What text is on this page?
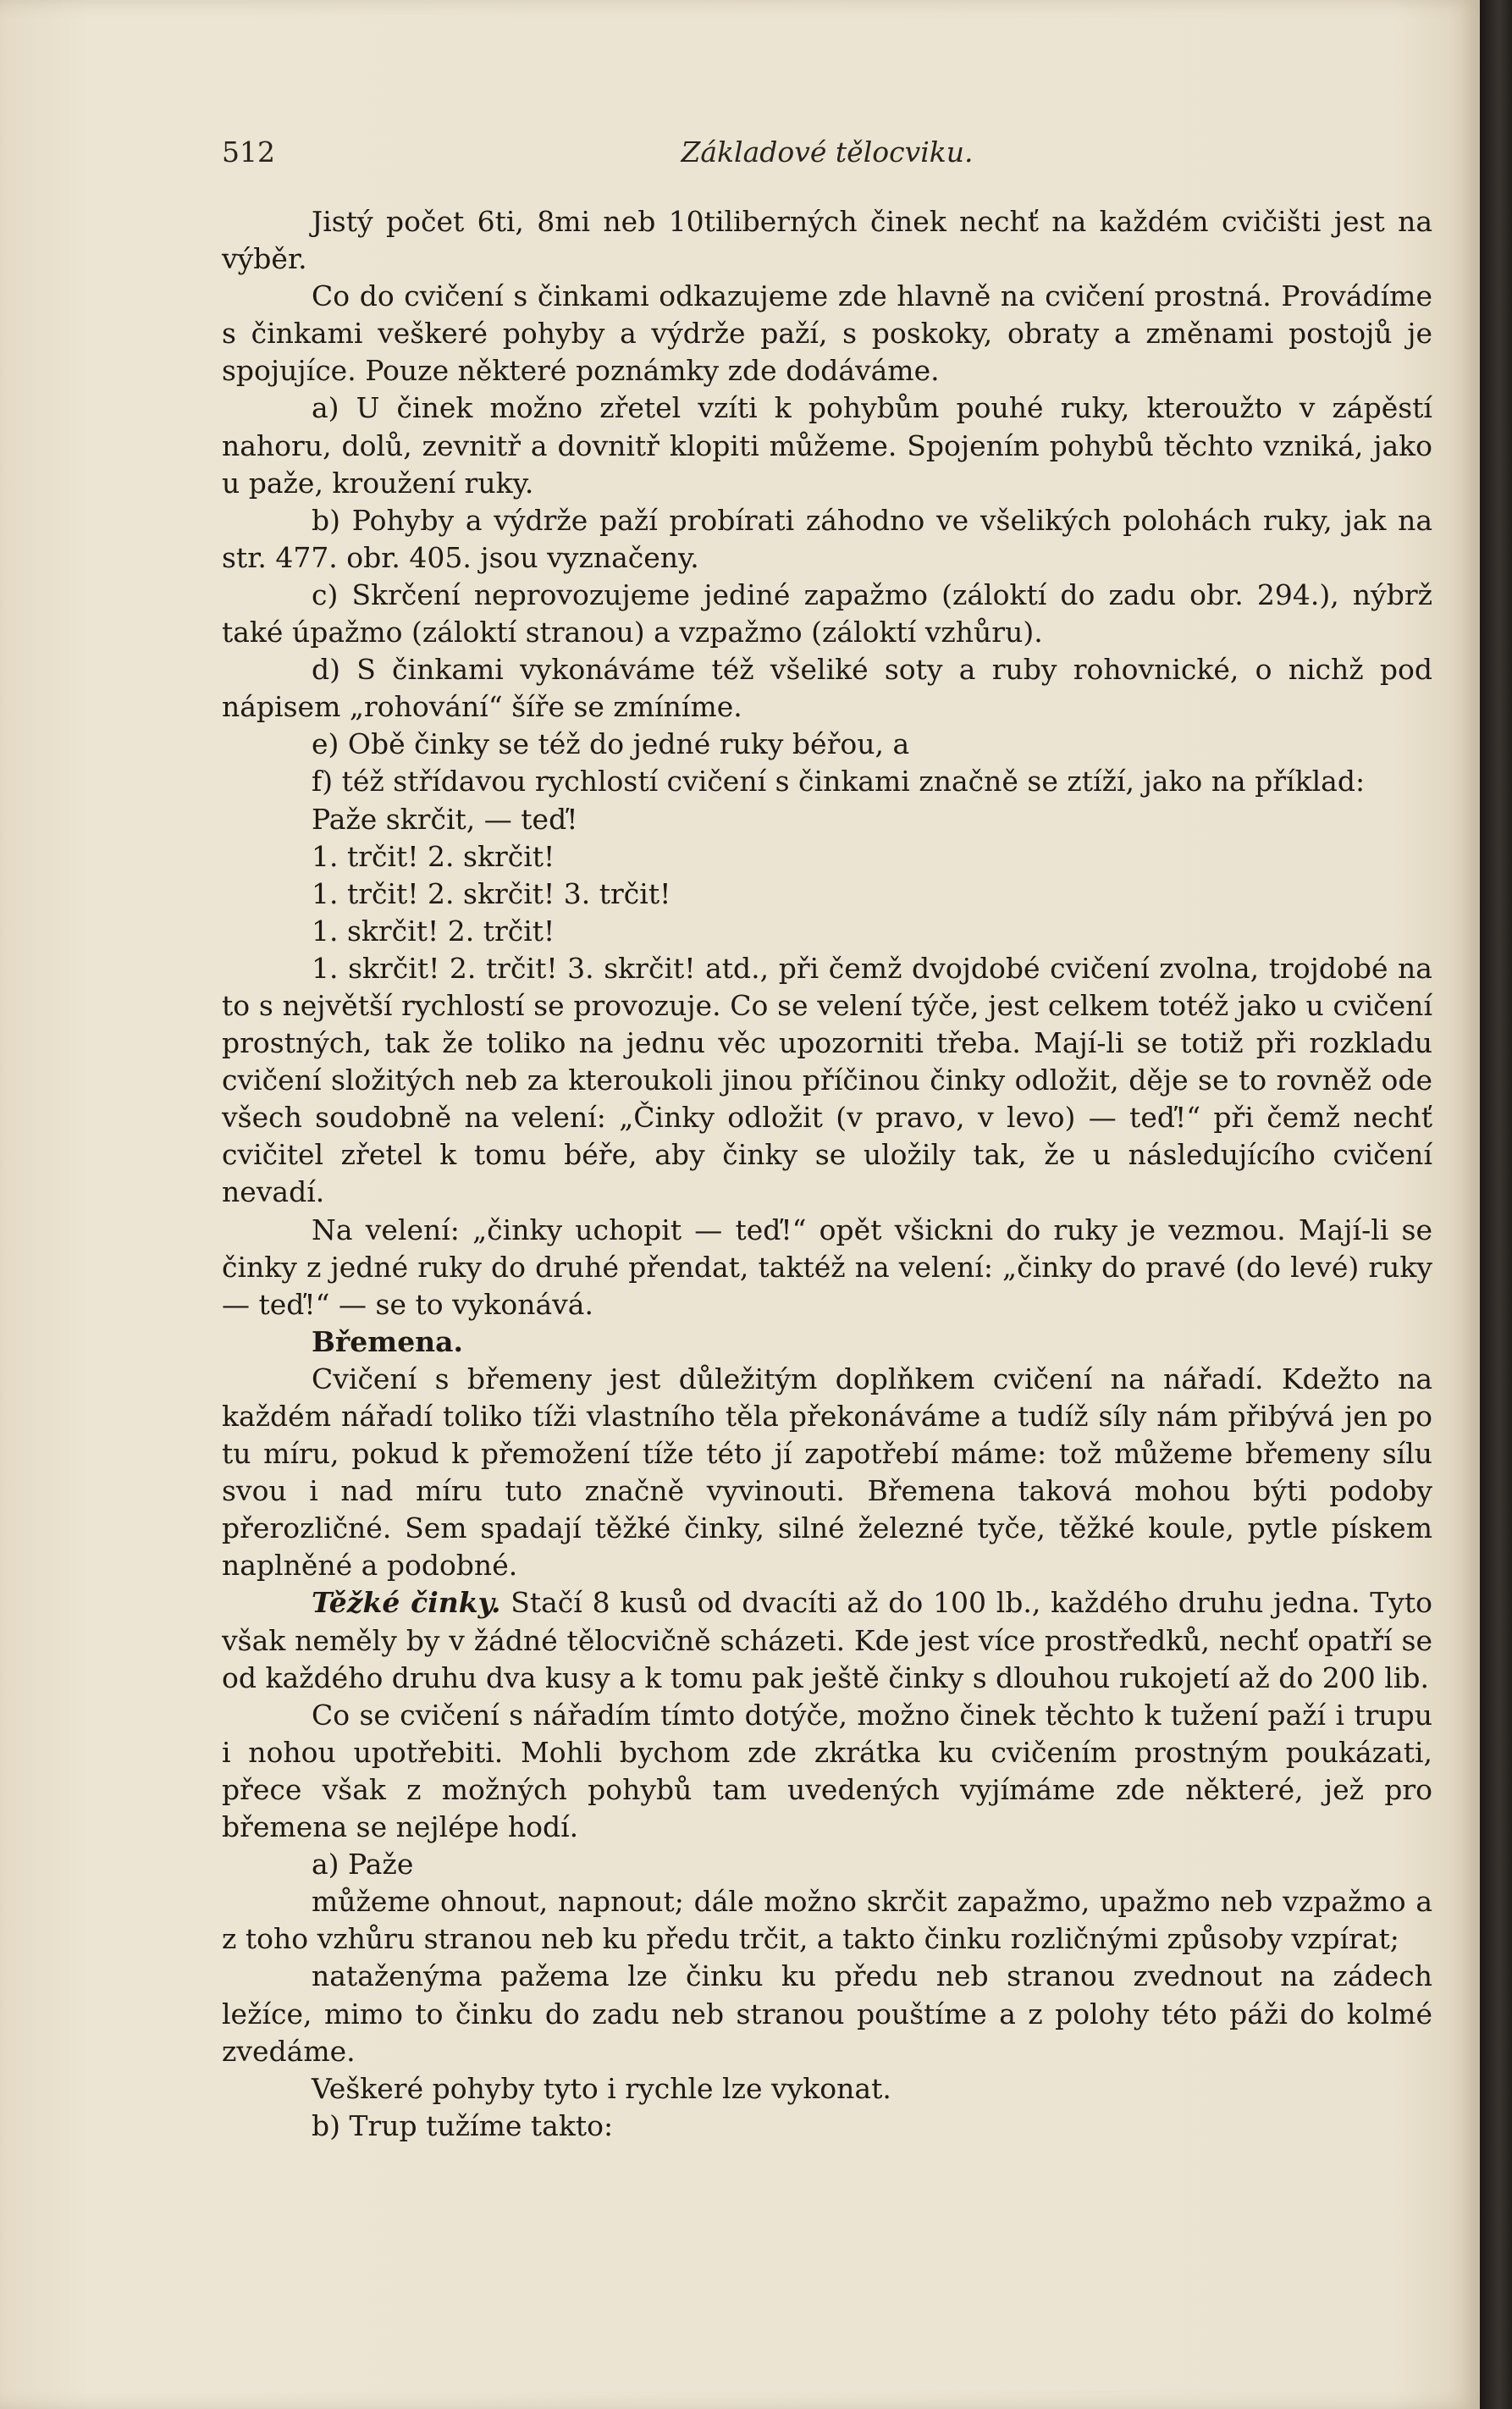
512	Základové tělocviku.

Jistý počet 6ti, 8mi neb 10tiliberných činek nechť na každém cvičišti jest na výběr.

Co do cvičení s činkami odkazujeme zde hlavně na cvičení prostná. Provádíme s činkami veškeré pohyby a výdrže paží, s poskoky, obraty a změnami postojů je spojujíce. Pouze některé poznámky zde dodáváme.

a) U činek možno zřetel vzíti k pohybům pouhé ruky, kteroužto v zápěstí nahoru, dolů, zevnitř a dovnitř klopiti můžeme. Spojením pohybů těchto vzniká, jako u paže, kroužení ruky.

b) Pohyby a výdrže paží probírati záhodno ve všelikých polohách ruky, jak na str. 477. obr. 405. jsou vyznačeny.

c) Skrčení neprovozujeme jediné zapažmo (záloktí do zadu obr. 294.), nýbrž také úpažmo (záloktí stranou) a vzpažmo (záloktí vzhůru).

d) S činkami vykonáváme též všeliké soty a ruby rohovnické, o nichž pod nápisem „rohování“ šíře se zmíníme.

e) Obě činky se též do jedné ruky béřou, a

f) též střídavou rychlostí cvičení s činkami značně se ztíží, jako na příklad:

Paže skrčit, — teď!

1. trčit! 2. skrčit!

1. trčit! 2. skrčit! 3. trčit!

1. skrčit! 2. trčit!

1. skrčit! 2. trčit! 3. skrčit! atd., při čemž dvojdobé cvičení zvolna, trojdobé na to s největší rychlostí se provozuje. Co se velení týče, jest celkem totéž jako u cvičení prostných, tak že toliko na jednu věc upozorniti třeba. Mají-li se totiž při rozkladu cvičení složitých neb za kteroukoli jinou příčinou činky odložit, děje se to rovněž ode všech soudobně na velení: „Činky odložit (v pravo, v levo) — teď!“ při čemž nechť cvičitel zřetel k tomu béře, aby činky se uložily tak, že u následujícího cvičení nevadí.

Na velení: „činky uchopit — teď!“ opět všickni do ruky je vezmou. Mají-li se činky z jedné ruky do druhé přendat, taktéž na velení: „činky do pravé (do levé) ruky — teď!“ — se to vykonává.

Břemena.

Cvičení s břemeny jest důležitým doplňkem cvičení na nářadí. Kdežto na každém nářadí toliko tíži vlastního těla překonáváme a tudíž síly nám přibývá jen po tu míru, pokud k přemožení tíže této jí zapotřebí máme: tož můžeme břemeny sílu svou i nad míru tuto značně vyvinouti. Břemena taková mohou býti podoby přerozličné. Sem spadají těžké činky, silné železné tyče, těžké koule, pytle pískem naplněné a podobné.

Těžké činky. Stačí 8 kusů od dvacíti až do 100 lb., každého druhu jedna. Tyto však neměly by v žádné tělocvičně scházeti. Kde jest více prostředků, nechť opatří se od každého druhu dva kusy a k tomu pak ještě činky s dlouhou rukojetí až do 200 lib.

Co se cvičení s nářadím tímto dotýče, možno činek těchto k tužení paží i trupu i nohou upotřebiti. Mohli bychom zde zkrátka ku cvičením prostným poukázati, přece však z možných pohybů tam uvedených vyjímáme zde některé, jež pro břemena se nejlépe hodí.

a) Paže

můžeme ohnout, napnout; dále možno skrčit zapažmo, upažmo neb vzpažmo a z toho vzhůru stranou neb ku předu trčit, a takto činku rozličnými způsoby vzpírat;

nataženýma pažema lze činku ku předu neb stranou zvednout na zádech ležíce, mimo to činku do zadu neb stranou pouštíme a z polohy této páži do kolmé zvedáme.

Veškeré pohyby tyto i rychle lze vykonat.

b) Trup tužíme takto:
